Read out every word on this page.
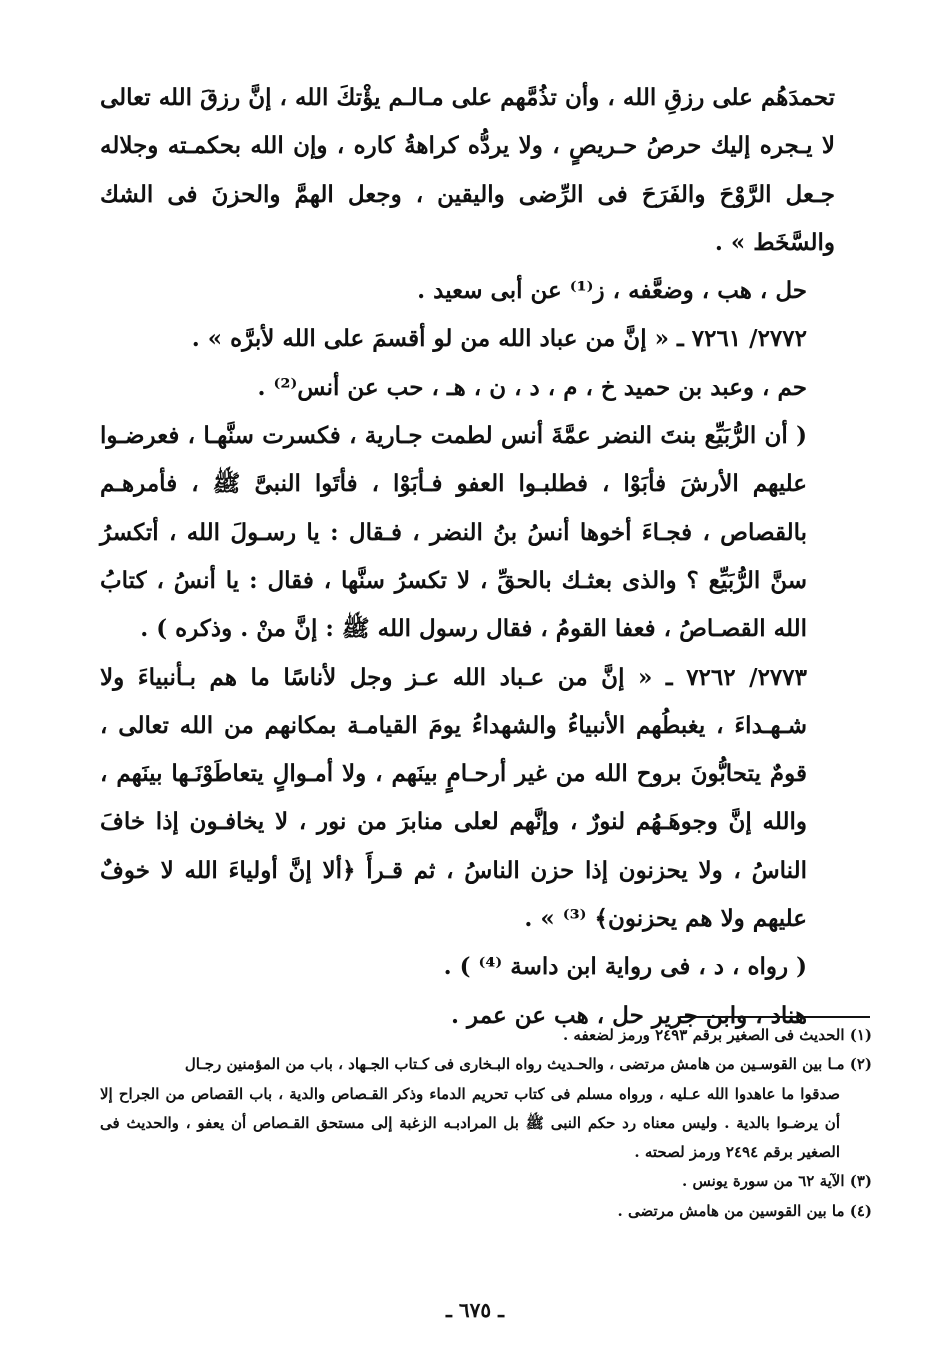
تحمدَهُم على رزقِ الله ، وأن تذُمَّهم على مـالـم يؤْتكَ الله ، إنَّ رزقَ الله تعالى لا يـجره إليك حرصُ حـريصٍ ، ولا يردُّه كراهةُ كاره ، وإن الله بحكمـته وجلاله جـعل الرَّوْحَ والفَرَحَ فى الرِّضى واليقين ، وجعل الهمَّ والحزنَ فى الشك والسَّخَط » .

حل ، هب ، وضعَّفه ، ز⁽¹⁾ عن أبى سعيد .

٢٧٧٢/ ٧٢٦١ ـ « إنَّ من عباد الله من لو أقسمَ على الله لأبرَّه » .

حم ، وعبد بن حميد خ ، م ، د ، ن ، هـ ، حب عن أنس⁽²⁾ .

( أن الرُّبَيِّع بنتَ النضر عمَّةَ أنس لطمت جـارية ، فكسرت سنَّهـا ، فعرضـوا عليهم الأرشَ فأبَوْا ، فطلبـوا العفو فـأبَوْا ، فأتَوا النبىَّ ﷺ ، فأمرهـم بالقصاص ، فجـاءَ أخوها أنسُ بنُ النضر ، فـقال : يا رسـولَ الله ، أتكسرُ سنَّ الرُّبَيِّع ؟ والذى بعثـك بالحقِّ ، لا تكسرُ سنَّها ، فقال : يا أنسُ ، كتابُ الله القصـاصُ ، فعفا القومُ ، فقال رسول الله ﷺ : إنَّ منْ . وذكره ) .

٢٧٧٣/ ٧٢٦٢ ـ « إنَّ من عـباد الله عـز وجل لأناسًا ما هم بـأنبياءَ ولا شـهـداءَ ، يغبطُهم الأنبياءُ والشهداءُ يومَ القيامـة بمكانهم من الله تعالى ، قومٌ يتحابُّونَ بروح الله من غير أرحـامٍ بينَهم ، ولا أمـوالٍ يتعاطَوْنَـها بينَهم ، والله إنَّ وجوهَـهُم لنورٌ ، وإنَّهم لعلى منابرَ من نور ، لا يخافـون إذا خافَ الناسُ ، ولا يحزنون إذا حزن الناسُ ، ثم قـرأَ ﴿ألا إنَّ أولياءَ الله لا خوفٌ عليهم ولا هم يحزنون﴾ ⁽³⁾ » .

( رواه ، د ، فى رواية ابن داسة ⁽⁴⁾ ) .

هناد ، وابن جرير حل ، هب عن عمر .

(١) الحديث فى الصغير برقم ٢٤٩٣ ورمز لضعفه .

(٢) مـا بين القوسـين من هامش مرتضى ، والحـديث رواه البـخارى فى كـتاب الجـهاد ، باب من المؤمنين رجـال

صدقوا ما عاهدوا الله عـليه ، ورواه مسلم فى كتاب تحريم الدماء وذكر القـصاص والدية ، باب القصاص من الجراح إلا أن يرضـوا بالدية . وليس معناه رد حكم النبى ﷺ بل المرادبـه الزغبة إلى مستحق القـصاص أن يعفو ، والحديث فى الصغير برقم ٢٤٩٤ ورمز لصحته .

(٣) الآية ٦٢ من سورة يونس .

(٤) ما بين القوسين من هامش مرتضى .

ـ ٦٧٥ ـ
